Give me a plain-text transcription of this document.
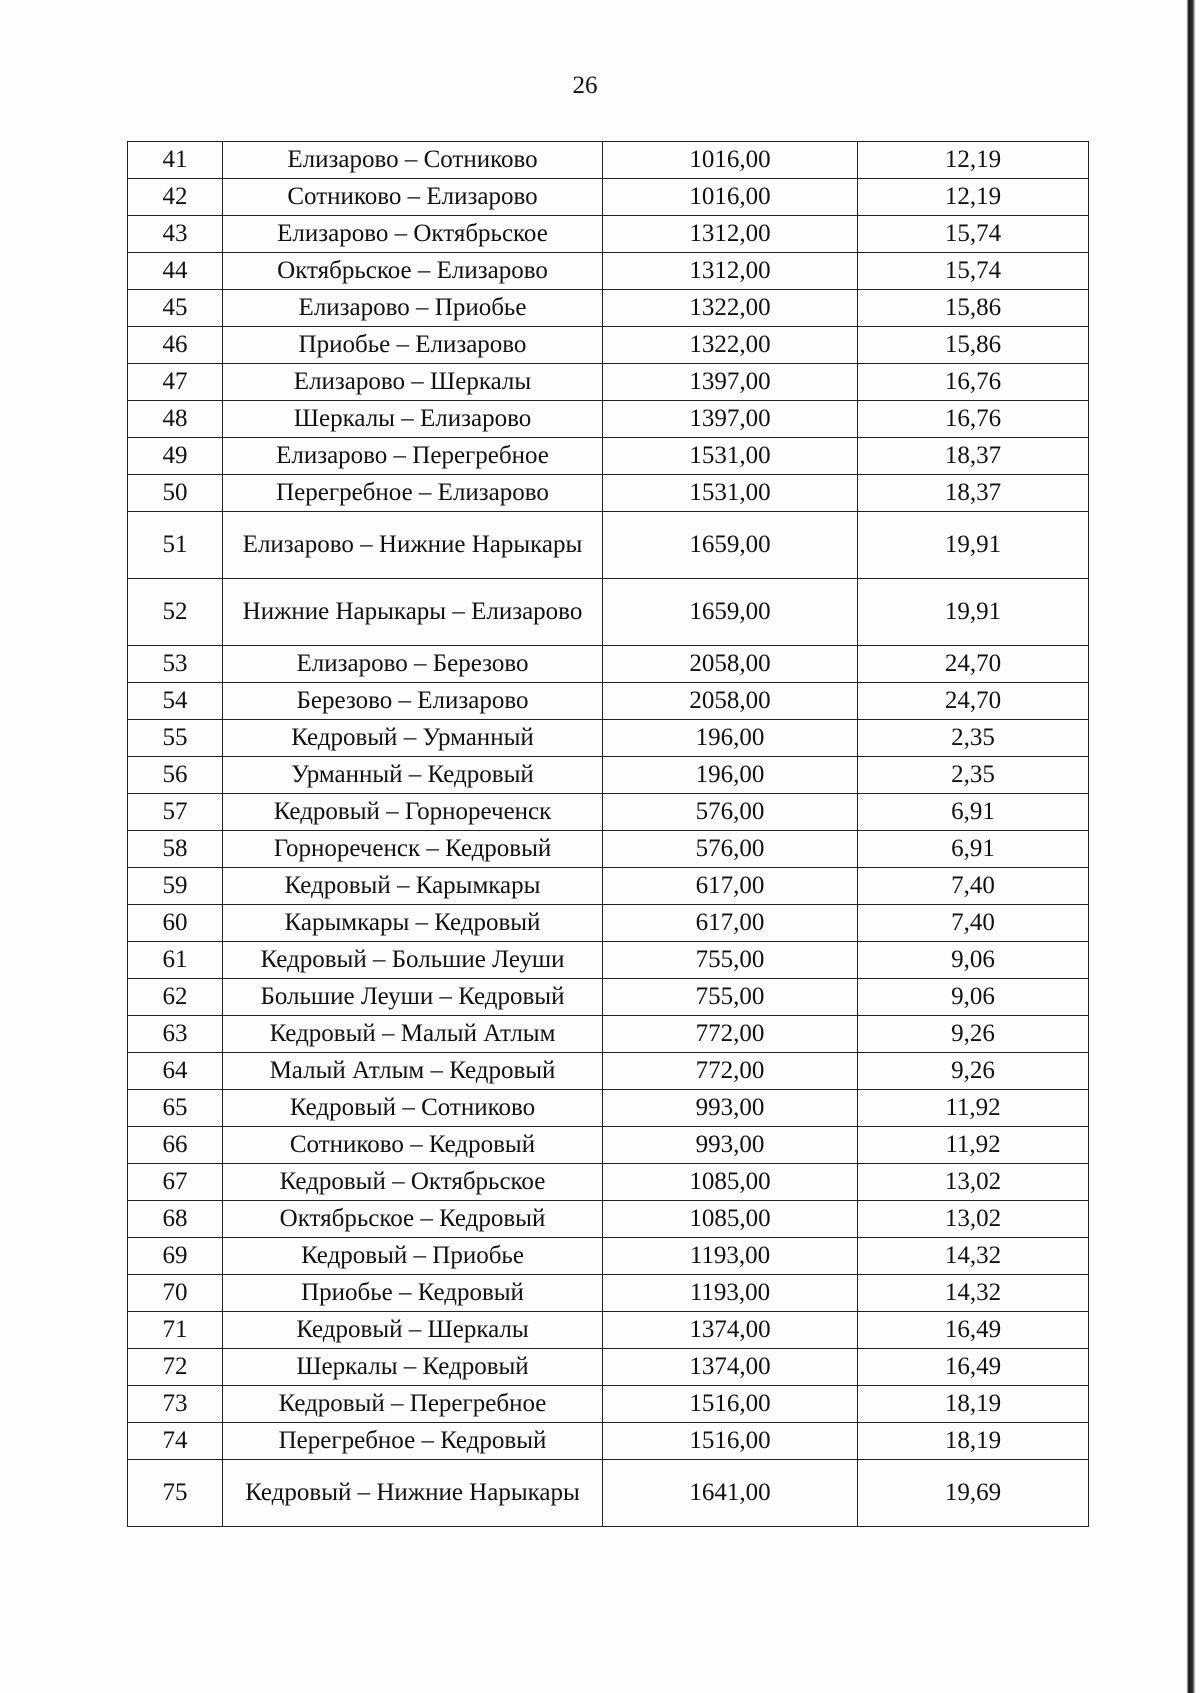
26
41	Елизарово – Сотниково	1016,00	12,19
42	Сотниково – Елизарово	1016,00	12,19
43	Елизарово – Октябрьское	1312,00	15,74
44	Октябрьское – Елизарово	1312,00	15,74
45	Елизарово – Приобье	1322,00	15,86
46	Приобье – Елизарово	1322,00	15,86
47	Елизарово – Шеркалы	1397,00	16,76
48	Шеркалы – Елизарово	1397,00	16,76
49	Елизарово – Перегребное	1531,00	18,37
50	Перегребное – Елизарово	1531,00	18,37
51	Елизарово – Нижние Нарыкары	1659,00	19,91
52	Нижние Нарыкары – Елизарово	1659,00	19,91
53	Елизарово – Березово	2058,00	24,70
54	Березово – Елизарово	2058,00	24,70
55	Кедровый – Урманный	196,00	2,35
56	Урманный – Кедровый	196,00	2,35
57	Кедровый – Горнореченск	576,00	6,91
58	Горнореченск – Кедровый	576,00	6,91
59	Кедровый – Карымкары	617,00	7,40
60	Карымкары – Кедровый	617,00	7,40
61	Кедровый – Большие Леуши	755,00	9,06
62	Большие Леуши – Кедровый	755,00	9,06
63	Кедровый – Малый Атлым	772,00	9,26
64	Малый Атлым – Кедровый	772,00	9,26
65	Кедровый – Сотниково	993,00	11,92
66	Сотниково – Кедровый	993,00	11,92
67	Кедровый – Октябрьское	1085,00	13,02
68	Октябрьское – Кедровый	1085,00	13,02
69	Кедровый – Приобье	1193,00	14,32
70	Приобье – Кедровый	1193,00	14,32
71	Кедровый – Шеркалы	1374,00	16,49
72	Шеркалы – Кедровый	1374,00	16,49
73	Кедровый – Перегребное	1516,00	18,19
74	Перегребное – Кедровый	1516,00	18,19
75	Кедровый – Нижние Нарыкары	1641,00	19,69
